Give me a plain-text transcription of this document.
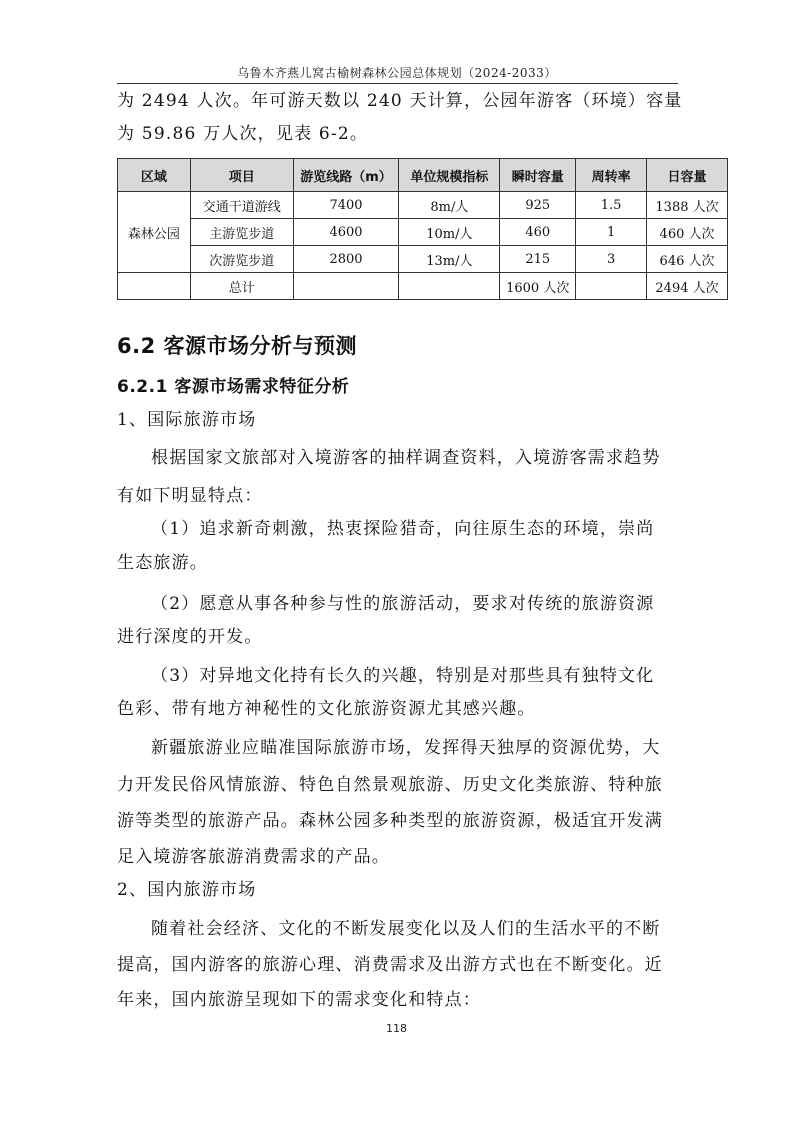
乌鲁木齐燕儿窝古榆树森林公园总体规划（2024-2033）
为 2494 人次。年可游天数以 240 天计算，公园年游客（环境）容量
为 59.86 万人次，见表 6-2。
区域	项目	游览线路（m）	单位规模指标	瞬时容量	周转率	日容量
森林公园	交通干道游线	7400	8m/人	925	1.5	1388 人次
	主游览步道	4600	10m/人	460	1	460 人次
	次游览步道	2800	13m/人	215	3	646 人次
	总计			1600 人次		2494 人次
6.2 客源市场分析与预测
6.2.1 客源市场需求特征分析
1、国际旅游市场
根据国家文旅部对入境游客的抽样调查资料，入境游客需求趋势
有如下明显特点：
（1）追求新奇刺激，热衷探险猎奇，向往原生态的环境，崇尚
生态旅游。
（2）愿意从事各种参与性的旅游活动，要求对传统的旅游资源
进行深度的开发。
（3）对异地文化持有长久的兴趣，特别是对那些具有独特文化
色彩、带有地方神秘性的文化旅游资源尤其感兴趣。
新疆旅游业应瞄准国际旅游市场，发挥得天独厚的资源优势，大
力开发民俗风情旅游、特色自然景观旅游、历史文化类旅游、特种旅
游等类型的旅游产品。森林公园多种类型的旅游资源，极适宜开发满
足入境游客旅游消费需求的产品。
2、国内旅游市场
随着社会经济、文化的不断发展变化以及人们的生活水平的不断
提高，国内游客的旅游心理、消费需求及出游方式也在不断变化。近
年来，国内旅游呈现如下的需求变化和特点：
118
